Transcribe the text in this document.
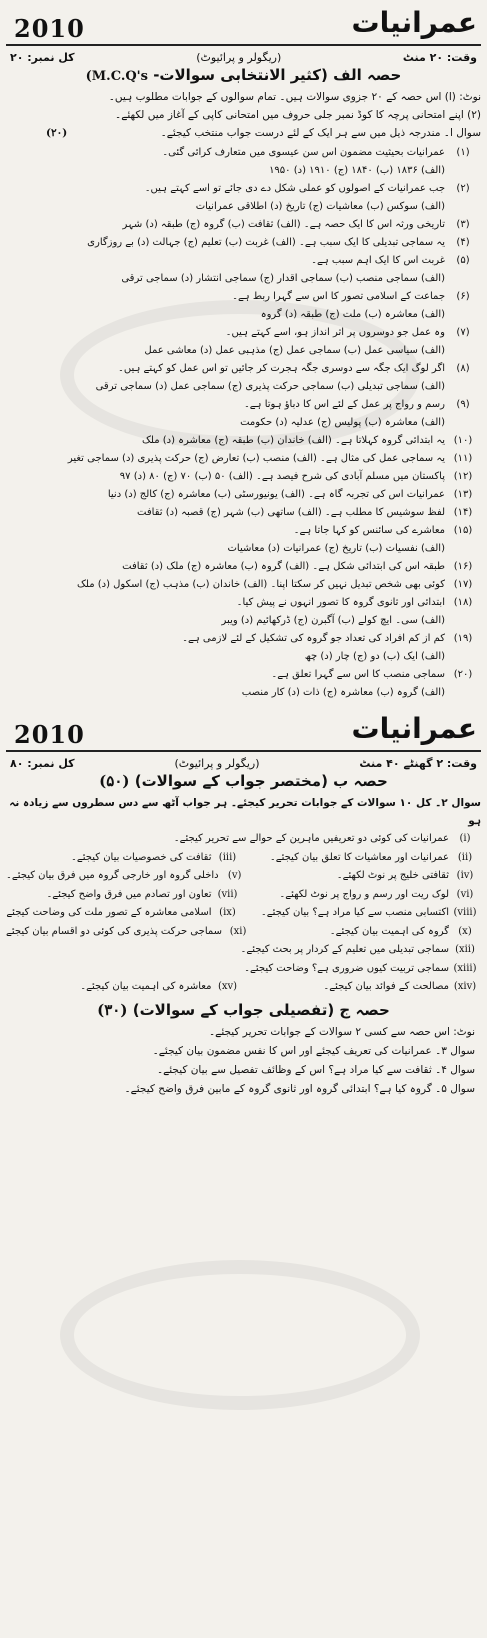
2010	عمرانیات
وقت: ۲۰ منٹ
(ریگولر و پرائیوٹ)
کل نمبر: ۲۰
حصہ الف (کثیر الانتخابی سوالات- M.C.Q's)
نوٹ: (ا) اس حصہ کے ۲۰ جزوی سوالات ہیں۔ تمام سوالوں کے جوابات مطلوب ہیں۔
(۲) اپنے امتحانی پرچہ کا کوڈ نمبر جلی حروف میں امتحانی کاپی کے آغاز میں لکھئے۔
سوال ا۔ مندرجہ ذیل میں سے ہر ایک کے لئے درست جواب منتخب کیجئے۔
(۲۰)
(۱)
عمرانیات بحیثیت مضمون اس سن عیسوی میں متعارف کرائی گئی۔
(الف) ۱۸۳۶ (ب) ۱۸۴۰ (ج) ۱۹۱۰ (د) ۱۹۵۰
(۲)
جب عمرانیات کے اصولوں کو عملی شکل دے دی جائے تو اسے کہتے ہیں۔
(الف) سوکس (ب) معاشیات (ج) تاریخ (د) اطلاقی عمرانیات
(۳)
تاریخی ورثہ اس کا ایک حصہ ہے۔ (الف) ثقافت (ب) گروہ (ج) طبقہ (د) شہر
(۴)
یہ سماجی تبدیلی کا ایک سبب ہے۔ (الف) غربت (ب) تعلیم (ج) جہالت (د) بے روزگاری
(۵)
غربت اس کا ایک اہم سبب ہے۔
(الف) سماجی منصب (ب) سماجی اقدار (ج) سماجی انتشار (د) سماجی ترقی
(۶)
جماعت کے اسلامی تصور کا اس سے گہرا ربط ہے۔
(الف) معاشرہ (ب) ملت (ج) طبقہ (د) گروہ
(۷)
وہ عمل جو دوسروں پر اثر انداز ہو، اسے کہتے ہیں۔
(الف) سیاسی عمل (ب) سماجی عمل (ج) مذہبی عمل (د) معاشی عمل
(۸)
اگر لوگ ایک جگہ سے دوسری جگہ ہجرت کر جائیں تو اس عمل کو کہتے ہیں۔
(الف) سماجی تبدیلی (ب) سماجی حرکت پذیری (ج) سماجی عمل (د) سماجی ترقی
(۹)
رسم و رواج پر عمل کے لئے اس کا دباؤ ہوتا ہے۔
(الف) معاشرہ (ب) پولیس (ج) عدلیہ (د) حکومت
(۱۰)
یہ ابتدائی گروہ کہلاتا ہے۔ (الف) خاندان (ب) طبقہ (ج) معاشرہ (د) ملک
(۱۱)
یہ سماجی عمل کی مثال ہے۔ (الف) منصب (ب) تعارض (ج) حرکت پذیری (د) سماجی تغیر
(۱۲)
پاکستان میں مسلم آبادی کی شرح فیصد ہے۔ (الف) ۵۰ (ب) ۷۰ (ج) ۸۰ (د) ۹۷
(۱۳)
عمرانیات اس کی تجربہ گاہ ہے۔ (الف) یونیورسٹی (ب) معاشرہ (ج) کالج (د) دنیا
(۱۴)
لفظ سوشیس کا مطلب ہے۔ (الف) ساتھی (ب) شہر (ج) قصبہ (د) ثقافت
(۱۵)
معاشرے کی سائنس کو کہا جاتا ہے۔
(الف) نفسیات (ب) تاریخ (ج) عمرانیات (د) معاشیات
(۱۶)
طبقہ اس کی ابتدائی شکل ہے۔ (الف) گروہ (ب) معاشرہ (ج) ملک (د) ثقافت
(۱۷)
کوئی بھی شخص تبدیل نہیں کر سکتا اپنا۔ (الف) خاندان (ب) مذہب (ج) اسکول (د) ملک
(۱۸)
ابتدائی اور ثانوی گروہ کا تصور انہوں نے پیش کیا۔
(الف) سی۔ ایچ کولے (ب) آگبرن (ج) ڈرکھائیم (د) ویبر
(۱۹)
کم از کم افراد کی تعداد جو گروہ کی تشکیل کے لئے لازمی ہے۔
(الف) ایک (ب) دو (ج) چار (د) چھ
(۲۰)
سماجی منصب کا اس سے گہرا تعلق ہے۔
(الف) گروہ (ب) معاشرہ (ج) ذات (د) کار منصب
2010	عمرانیات
وقت: ۲ گھنٹے ۴۰ منٹ
(ریگولر و پرائیوٹ)
کل نمبر: ۸۰
حصہ ب (مختصر جواب کے سوالات) (۵۰)
سوال ۲۔ کل ۱۰ سوالات کے جوابات تحریر کیجئے۔ ہر جواب آٹھ سے دس سطروں سے زیادہ نہ ہو
(i)
عمرانیات کی کوئی دو تعریفیں ماہرین کے حوالے سے تحریر کیجئے۔
(ii)
عمرانیات اور معاشیات کا تعلق بیان کیجئے۔
(iii)
ثقافت کی خصوصیات بیان کیجئے۔
(iv)
ثقافتی خلیج پر نوٹ لکھئے۔
(v)
داخلی گروہ اور خارجی گروہ میں فرق بیان کیجئے۔
(vi)
لوک ریت اور رسم و رواج پر نوٹ لکھئے۔
(vii)
تعاون اور تصادم میں فرق واضح کیجئے۔
(viii)
اکتسابی منصب سے کیا مراد ہے؟ بیان کیجئے۔
(ix)
اسلامی معاشرہ کے تصور ملت کی وضاحت کیجئے
(x)
گروہ کی اہمیت بیان کیجئے۔
(xi)
سماجی حرکت پذیری کی کوئی دو اقسام بیان کیجئے
(xii)
سماجی تبدیلی میں تعلیم کے کردار پر بحث کیجئے۔
(xiii)
سماجی تربیت کیوں ضروری ہے؟ وضاحت کیجئے۔
(xiv)
مصالحت کے فوائد بیان کیجئے۔
(xv)
معاشرہ کی اہمیت بیان کیجئے۔
حصہ ج (تفصیلی جواب کے سوالات) (۳۰)
نوٹ: اس حصہ سے کسی ۲ سوالات کے جوابات تحریر کیجئے۔
سوال ۳۔ عمرانیات کی تعریف کیجئے اور اس کا نفس مضمون بیان کیجئے۔
سوال ۴۔ ثقافت سے کیا مراد ہے؟ اس کے وظائف تفصیل سے بیان کیجئے۔
سوال ۵۔ گروہ کیا ہے؟ ابتدائی گروہ اور ثانوی گروہ کے مابین فرق واضح کیجئے۔
